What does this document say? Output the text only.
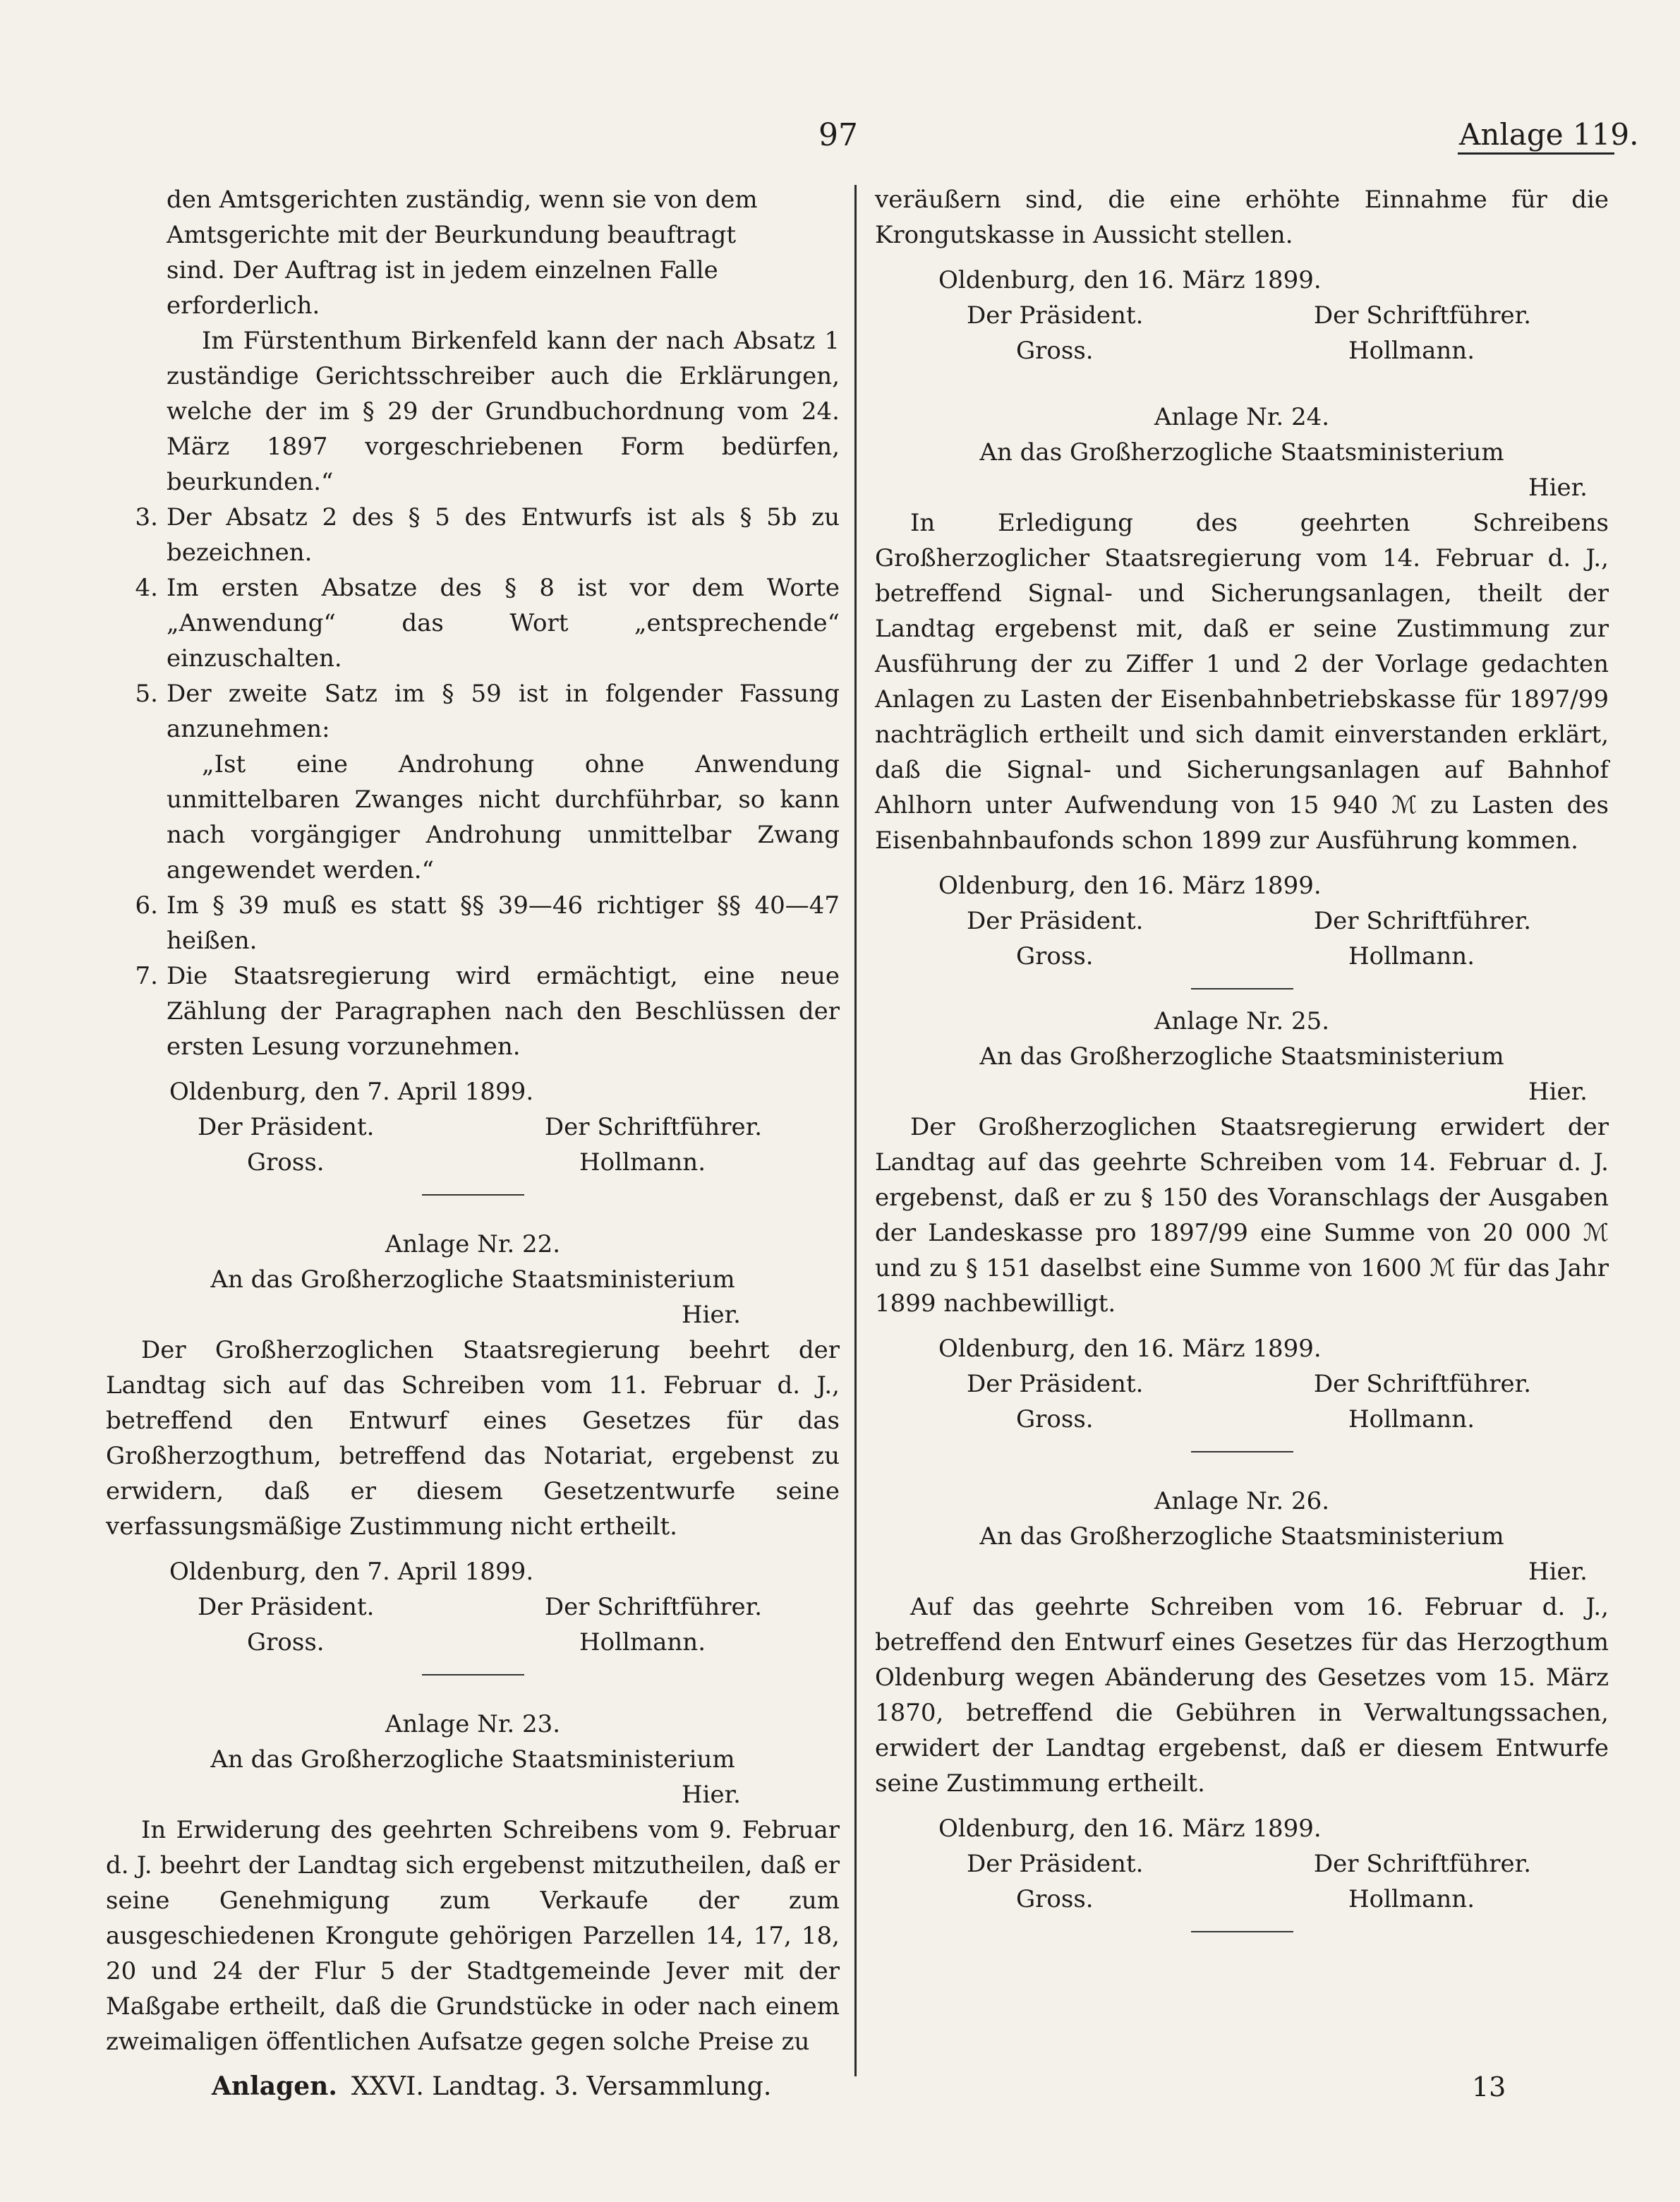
97	Anlage 119.

den Amtsgerichten zuständig, wenn sie von dem

Amtsgerichte mit der Beurkundung beauftragt

sind. Der Auftrag ist in jedem einzelnen Falle

erforderlich.

Im Fürstenthum Birkenfeld kann der nach Absatz 1 zuständige Gerichtsschreiber auch die Erklärungen, welche der im § 29 der Grundbuchordnung vom 24. März 1897 vorgeschriebenen Form bedürfen, beurkunden.“

3. Der Absatz 2 des § 5 des Entwurfs ist als § 5b zu bezeichnen.
4. Im ersten Absatze des § 8 ist vor dem Worte „Anwendung“ das Wort „entsprechende“ einzuschalten.
5. Der zweite Satz im § 59 ist in folgender Fassung anzunehmen:

„Ist eine Androhung ohne Anwendung unmittelbaren Zwanges nicht durchführbar, so kann nach vorgängiger Androhung unmittelbar Zwang angewendet werden.“

6. Im § 39 muß es statt §§ 39—46 richtiger §§ 40—47 heißen.
7. Die Staatsregierung wird ermächtigt, eine neue Zählung der Paragraphen nach den Beschlüssen der ersten Lesung vorzunehmen.

Oldenburg, den 7. April 1899.

Der Präsident.	Der Schriftführer.
Gross.	Hollmann.

Anlage Nr. 22.

An das Großherzogliche Staatsministerium

Hier.

Der Großherzoglichen Staatsregierung beehrt der Landtag sich auf das Schreiben vom 11. Februar d. J., betreffend den Entwurf eines Gesetzes für das Großherzogthum, betreffend das Notariat, ergebenst zu erwidern, daß er diesem Gesetzentwurfe seine verfassungsmäßige Zustimmung nicht ertheilt.

Oldenburg, den 7. April 1899.

Der Präsident.	Der Schriftführer.
Gross.	Hollmann.

Anlage Nr. 23.

An das Großherzogliche Staatsministerium

Hier.

In Erwiderung des geehrten Schreibens vom 9. Februar d. J. beehrt der Landtag sich ergebenst mitzutheilen, daß er seine Genehmigung zum Verkaufe der zum ausgeschiedenen Krongute gehörigen Parzellen 14, 17, 18, 20 und 24 der Flur 5 der Stadtgemeinde Jever mit der Maßgabe ertheilt, daß die Grundstücke in oder nach einem zweimaligen öffentlichen Aufsatze gegen solche Preise zu

veräußern sind, die eine erhöhte Einnahme für die Krongutskasse in Aussicht stellen.

Oldenburg, den 16. März 1899.

Der Präsident.	Der Schriftführer.
Gross.	Hollmann.

Anlage Nr. 24.

An das Großherzogliche Staatsministerium

Hier.

In Erledigung des geehrten Schreibens Großherzoglicher Staatsregierung vom 14. Februar d. J., betreffend Signal- und Sicherungsanlagen, theilt der Landtag ergebenst mit, daß er seine Zustimmung zur Ausführung der zu Ziffer 1 und 2 der Vorlage gedachten Anlagen zu Lasten der Eisenbahnbetriebskasse für 1897/99 nachträglich ertheilt und sich damit einverstanden erklärt, daß die Signal- und Sicherungsanlagen auf Bahnhof Ahlhorn unter Aufwendung von 15 940 ℳ zu Lasten des Eisenbahnbaufonds schon 1899 zur Ausführung kommen.

Oldenburg, den 16. März 1899.

Der Präsident.	Der Schriftführer.
Gross.	Hollmann.

Anlage Nr. 25.

An das Großherzogliche Staatsministerium

Hier.

Der Großherzoglichen Staatsregierung erwidert der Landtag auf das geehrte Schreiben vom 14. Februar d. J. ergebenst, daß er zu § 150 des Voranschlags der Ausgaben der Landeskasse pro 1897/99 eine Summe von 20 000 ℳ und zu § 151 daselbst eine Summe von 1600 ℳ für das Jahr 1899 nachbewilligt.

Oldenburg, den 16. März 1899.

Der Präsident.	Der Schriftführer.
Gross.	Hollmann.

Anlage Nr. 26.

An das Großherzogliche Staatsministerium

Hier.

Auf das geehrte Schreiben vom 16. Februar d. J., betreffend den Entwurf eines Gesetzes für das Herzogthum Oldenburg wegen Abänderung des Gesetzes vom 15. März 1870, betreffend die Gebühren in Verwaltungssachen, erwidert der Landtag ergebenst, daß er diesem Entwurfe seine Zustimmung ertheilt.

Oldenburg, den 16. März 1899.

Der Präsident.	Der Schriftführer.
Gross.	Hollmann.
Anlagen. XXVI. Landtag. 3. Versammlung.	13
